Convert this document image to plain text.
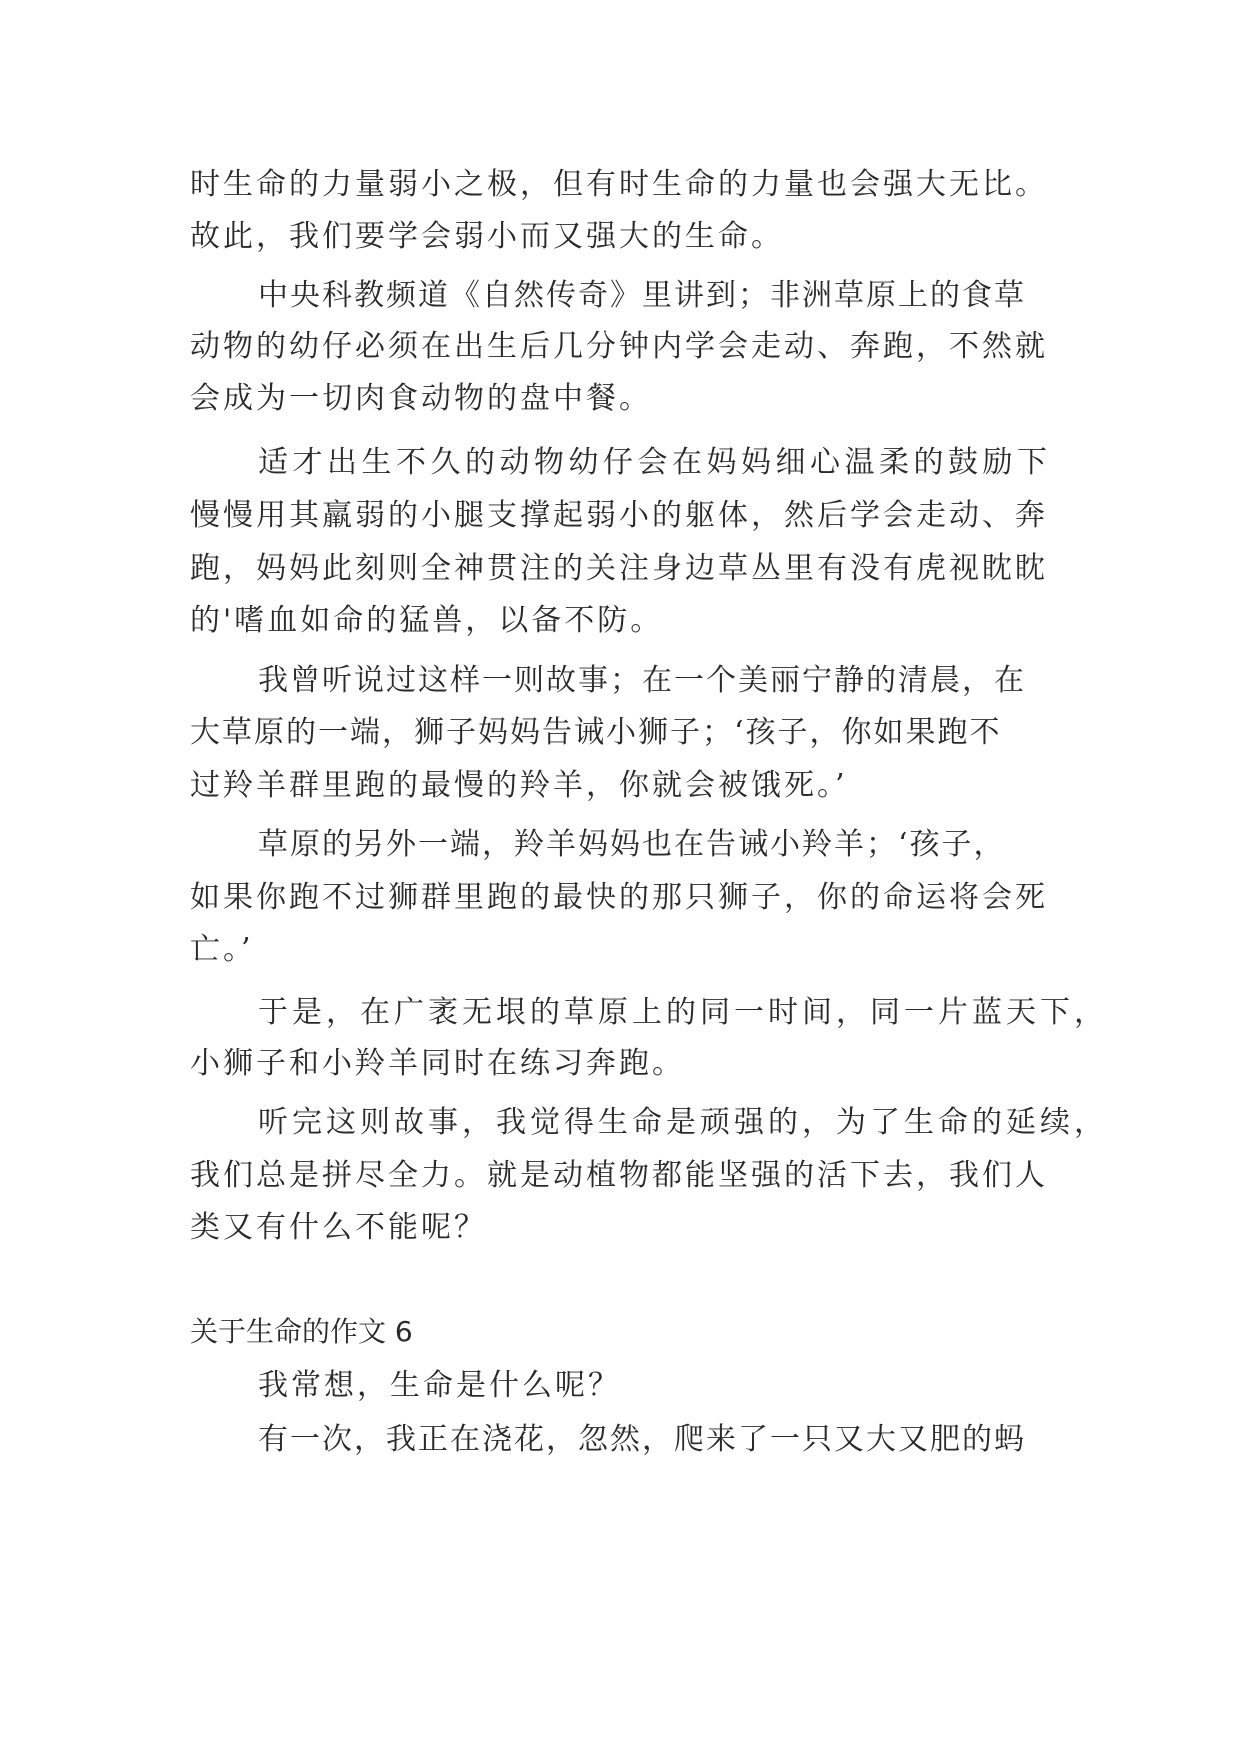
时生命的力量弱小之极，但有时生命的力量也会强大无比。
故此，我们要学会弱小而又强大的生命。
中央科教频道《自然传奇》里讲到；非洲草原上的食草
动物的幼仔必须在出生后几分钟内学会走动、奔跑，不然就
会成为一切肉食动物的盘中餐。
适才出生不久的动物幼仔会在妈妈细心温柔的鼓励下
慢慢用其羸弱的小腿支撑起弱小的躯体，然后学会走动、奔
跑，妈妈此刻则全神贯注的关注身边草丛里有没有虎视眈眈
的'嗜血如命的猛兽，以备不防。
我曾听说过这样一则故事；在一个美丽宁静的清晨，在
大草原的一端，狮子妈妈告诫小狮子；‘孩子，你如果跑不
过羚羊群里跑的最慢的羚羊，你就会被饿死。’
草原的另外一端，羚羊妈妈也在告诫小羚羊；‘孩子，
如果你跑不过狮群里跑的最快的那只狮子，你的命运将会死
亡。’
于是，在广袤无垠的草原上的同一时间，同一片蓝天下，
小狮子和小羚羊同时在练习奔跑。
听完这则故事，我觉得生命是顽强的，为了生命的延续，
我们总是拼尽全力。就是动植物都能坚强的活下去，我们人
类又有什么不能呢？
关于生命的作文 6
我常想，生命是什么呢？
有一次，我正在浇花，忽然，爬来了一只又大又肥的蚂
